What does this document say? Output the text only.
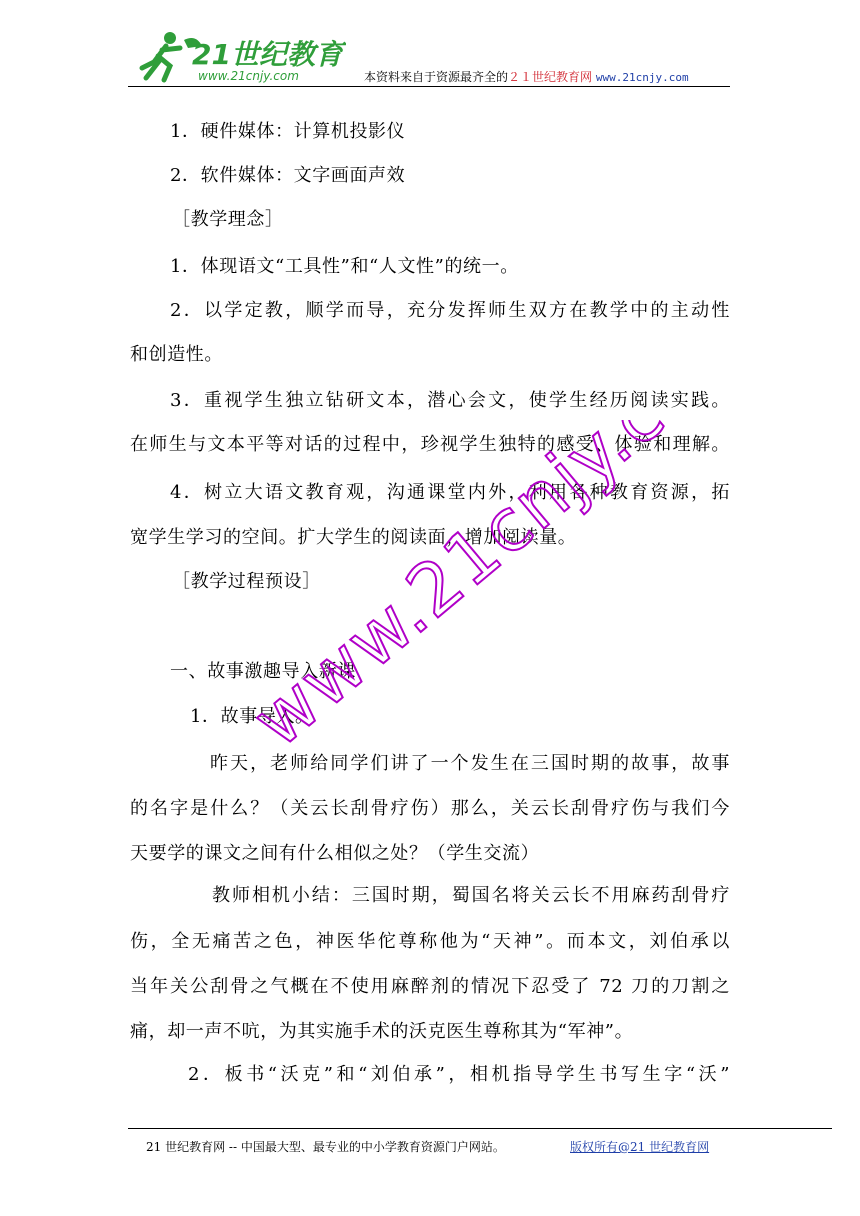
21世纪教育
www.21cnjy.com	本资料来自于资源最齐全的２１世纪教育网 www.21cnjy.com
1．硬件媒体：计算机投影仪
2．软件媒体：文字画面声效
［教学理念］
1．体现语文“工具性”和“人文性”的统一。
2．以学定教，顺学而导，充分发挥师生双方在教学中的主动性
和创造性。
3．重视学生独立钻研文本，潜心会文，使学生经历阅读实践。
在师生与文本平等对话的过程中，珍视学生独特的感受、体验和理解。
4．树立大语文教育观，沟通课堂内外，利用各种教育资源，拓
宽学生学习的空间。扩大学生的阅读面，增加阅读量。
［教学过程预设］
一、故事激趣导入新课
1．故事导入。
昨天，老师给同学们讲了一个发生在三国时期的故事，故事
的名字是什么？（关云长刮骨疗伤）那么，关云长刮骨疗伤与我们今
天要学的课文之间有什么相似之处？（学生交流）
教师相机小结：三国时期，蜀国名将关云长不用麻药刮骨疗
伤，全无痛苦之色，神医华佗尊称他为“天神”。而本文，刘伯承以
当年关公刮骨之气概在不使用麻醉剂的情况下忍受了 72 刀的刀割之
痛，却一声不吭，为其实施手术的沃克医生尊称其为“军神”。
2．板书“沃克”和“刘伯承”，相机指导学生书写生字“沃”
www.21cnjy.com
21 世纪教育网 -- 中国最大型、最专业的中小学教育资源门户网站。	版权所有@21 世纪教育网
